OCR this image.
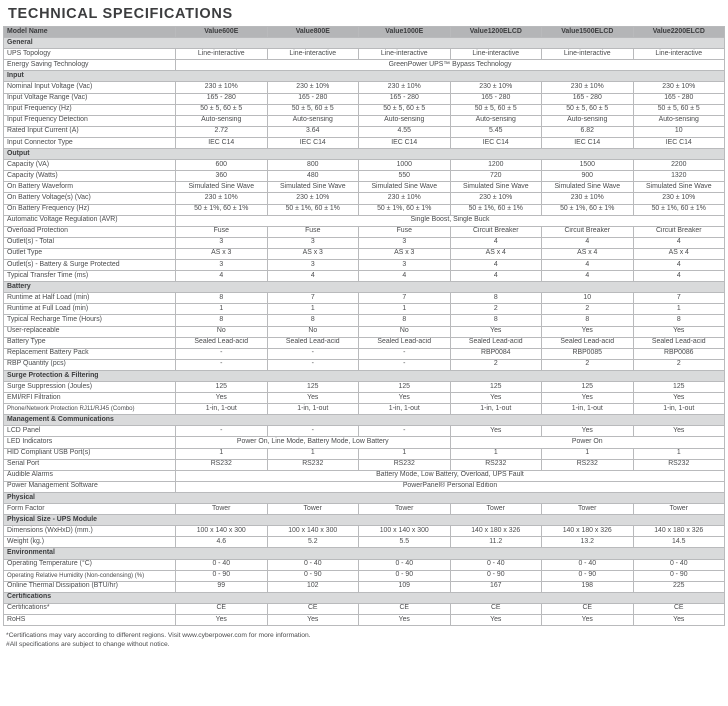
TECHNICAL SPECIFICATIONS
Model Name	Value600E	Value800E	Value1000E	Value1200ELCD	Value1500ELCD	Value2200ELCD
General						
UPS Topology	Line-interactive	Line-interactive	Line-interactive	Line-interactive	Line-interactive	Line-interactive
Energy Saving Technology	GreenPower UPS™ Bypass Technology					
Input						
Nominal Input Voltage (Vac)	230 ± 10%	230 ± 10%	230 ± 10%	230 ± 10%	230 ± 10%	230 ± 10%
Input Voltage Range (Vac)	165 - 280	165 - 280	165 - 280	165 - 280	165 - 280	165 - 280
Input Frequency (Hz)	50 ± 5, 60 ± 5	50 ± 5, 60 ± 5	50 ± 5, 60 ± 5	50 ± 5, 60 ± 5	50 ± 5, 60 ± 5	50 ± 5, 60 ± 5
Input Frequency Detection	Auto-sensing	Auto-sensing	Auto-sensing	Auto-sensing	Auto-sensing	Auto-sensing
Rated Input Current (A)	2.72	3.64	4.55	5.45	6.82	10
Input Connector Type	IEC C14	IEC C14	IEC C14	IEC C14	IEC C14	IEC C14
Output						
Capacity (VA)	600	800	1000	1200	1500	2200
Capacity (Watts)	360	480	550	720	900	1320
On Battery Waveform	Simulated Sine Wave	Simulated Sine Wave	Simulated Sine Wave	Simulated Sine Wave	Simulated Sine Wave	Simulated Sine Wave
On Battery Voltage(s) (Vac)	230 ± 10%	230 ± 10%	230 ± 10%	230 ± 10%	230 ± 10%	230 ± 10%
On Battery Frequency (Hz)	50 ± 1%, 60 ± 1%	50 ± 1%, 60 ± 1%	50 ± 1%, 60 ± 1%	50 ± 1%, 60 ± 1%	50 ± 1%, 60 ± 1%	50 ± 1%, 60 ± 1%
Automatic Voltage Regulation (AVR)	Single Boost, Single Buck					
Overload Protection	Fuse	Fuse	Fuse	Circuit Breaker	Circuit Breaker	Circuit Breaker
Outlet(s) - Total	3	3	3	4	4	4
Outlet Type	AS x 3	AS x 3	AS x 3	AS x 4	AS x 4	AS x 4
Outlet(s) - Battery & Surge Protected	3	3	3	4	4	4
Typical Transfer Time (ms)	4	4	4	4	4	4
Battery						
Runtime at Half Load (min)	8	7	7	8	10	7
Runtime at Full Load (min)	1	1	1	2	2	1
Typical Recharge Time (Hours)	8	8	8	8	8	8
User-replaceable	No	No	No	Yes	Yes	Yes
Battery Type	Sealed Lead-acid	Sealed Lead-acid	Sealed Lead-acid	Sealed Lead-acid	Sealed Lead-acid	Sealed Lead-acid
Replacement Battery Pack	-	-	-	RBP0084	RBP0085	RBP0086
RBP Quantity (pcs)	-	-	-	2	2	2
Surge Protection & Filtering						
Surge Suppression (Joules)	125	125	125	125	125	125
EMI/RFI Filtration	Yes	Yes	Yes	Yes	Yes	Yes
Phone/Network Protection RJ11/RJ45 (Combo)	1-in, 1-out	1-in, 1-out	1-in, 1-out	1-in, 1-out	1-in, 1-out	1-in, 1-out
Management & Communications						
LCD Panel	-	-	-	Yes	Yes	Yes
LED Indicators	Power On, Line Mode, Battery Mode, Low Battery			Power On		
HID Compliant USB Port(s)	1	1	1	1	1	1
Serial Port	RS232	RS232	RS232	RS232	RS232	RS232
Audible Alarms	Battery Mode, Low Battery, Overload, UPS Fault					
Power Management Software	PowerPanel® Personal Edition					
Physical						
Form Factor	Tower	Tower	Tower	Tower	Tower	Tower
Physical Size - UPS Module						
Dimensions (WxHxD) (mm.)	100 x 140 x 300	100 x 140 x 300	100 x 140 x 300	140 x 180 x 326	140 x 180 x 326	140 x 180 x 326
Weight (kg.)	4.6	5.2	5.5	11.2	13.2	14.5
Environmental						
Operating Temperature (°C)	0 - 40	0 - 40	0 - 40	0 - 40	0 - 40	0 - 40
Operating Relative Humidity (Non-condensing) (%)	0 - 90	0 - 90	0 - 90	0 - 90	0 - 90	0 - 90
Online Thermal Dissipation (BTU/hr)	99	102	109	167	198	225
Certifications						
Certifications*	CE	CE	CE	CE	CE	CE
RoHS	Yes	Yes	Yes	Yes	Yes	Yes
*Certifications may vary according to different regions. Visit www.cyberpower.com for more information.
#All specifications are subject to change without notice.
